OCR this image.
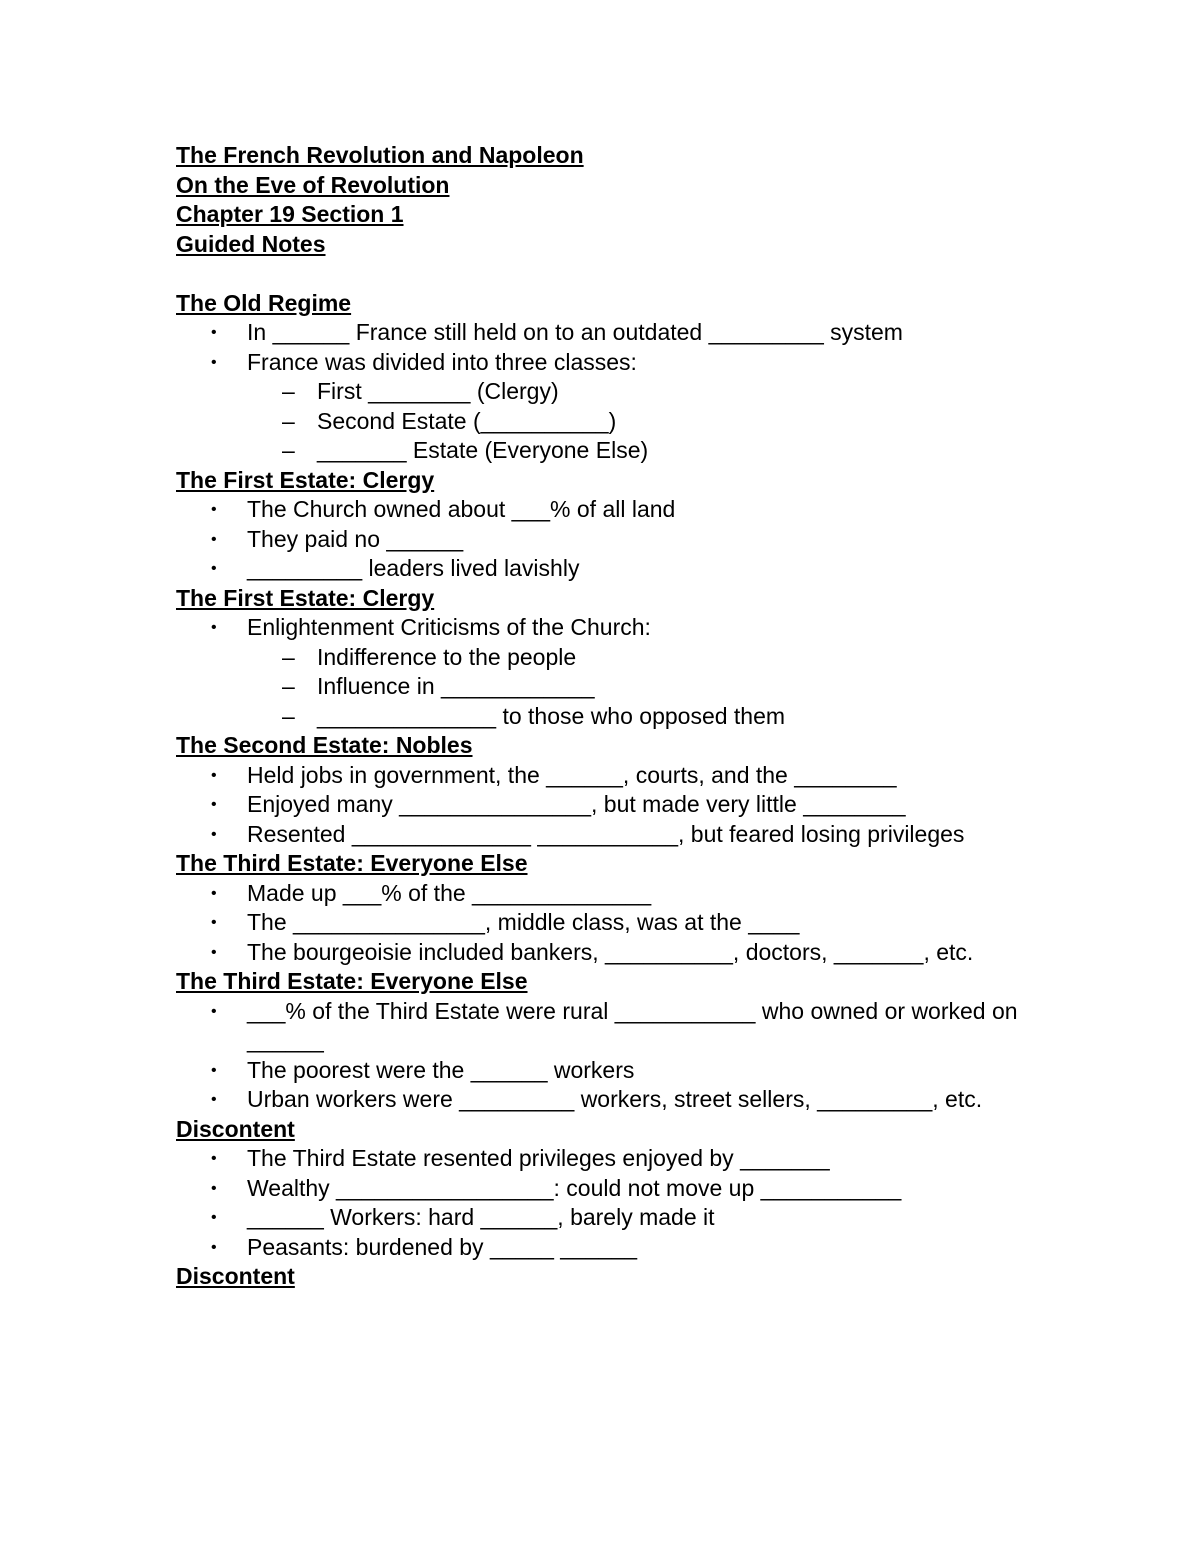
The French Revolution and Napoleon
On the Eve of Revolution
Chapter 19 Section 1
Guided Notes
The Old Regime
• In ______ France still held on to an outdated _________ system
• France was divided into three classes:
– First ________ (Clergy)
– Second Estate (__________)
– _______ Estate (Everyone Else)
The First Estate: Clergy
• The Church owned about ___% of all land
• They paid no ______
• _________ leaders lived lavishly
The First Estate: Clergy
• Enlightenment Criticisms of the Church:
– Indifference to the people
– Influence in ____________
– ______________ to those who opposed them
The Second Estate: Nobles
• Held jobs in government, the ______, courts, and the ________
• Enjoyed many _______________, but made very little ________
• Resented ______________ ___________, but feared losing privileges
The Third Estate: Everyone Else
• Made up ___% of the ______________
• The _______________, middle class, was at the ____
• The bourgeoisie included bankers, __________, doctors, _______, etc.
The Third Estate: Everyone Else
• ___% of the Third Estate were rural ___________ who owned or worked on ______
• The poorest were the ______ workers
• Urban workers were _________ workers, street sellers, _________, etc.
Discontent
• The Third Estate resented privileges enjoyed by _______
• Wealthy _________________: could not move up ___________
• ______ Workers: hard ______, barely made it
• Peasants: burdened by _____ ______
Discontent
